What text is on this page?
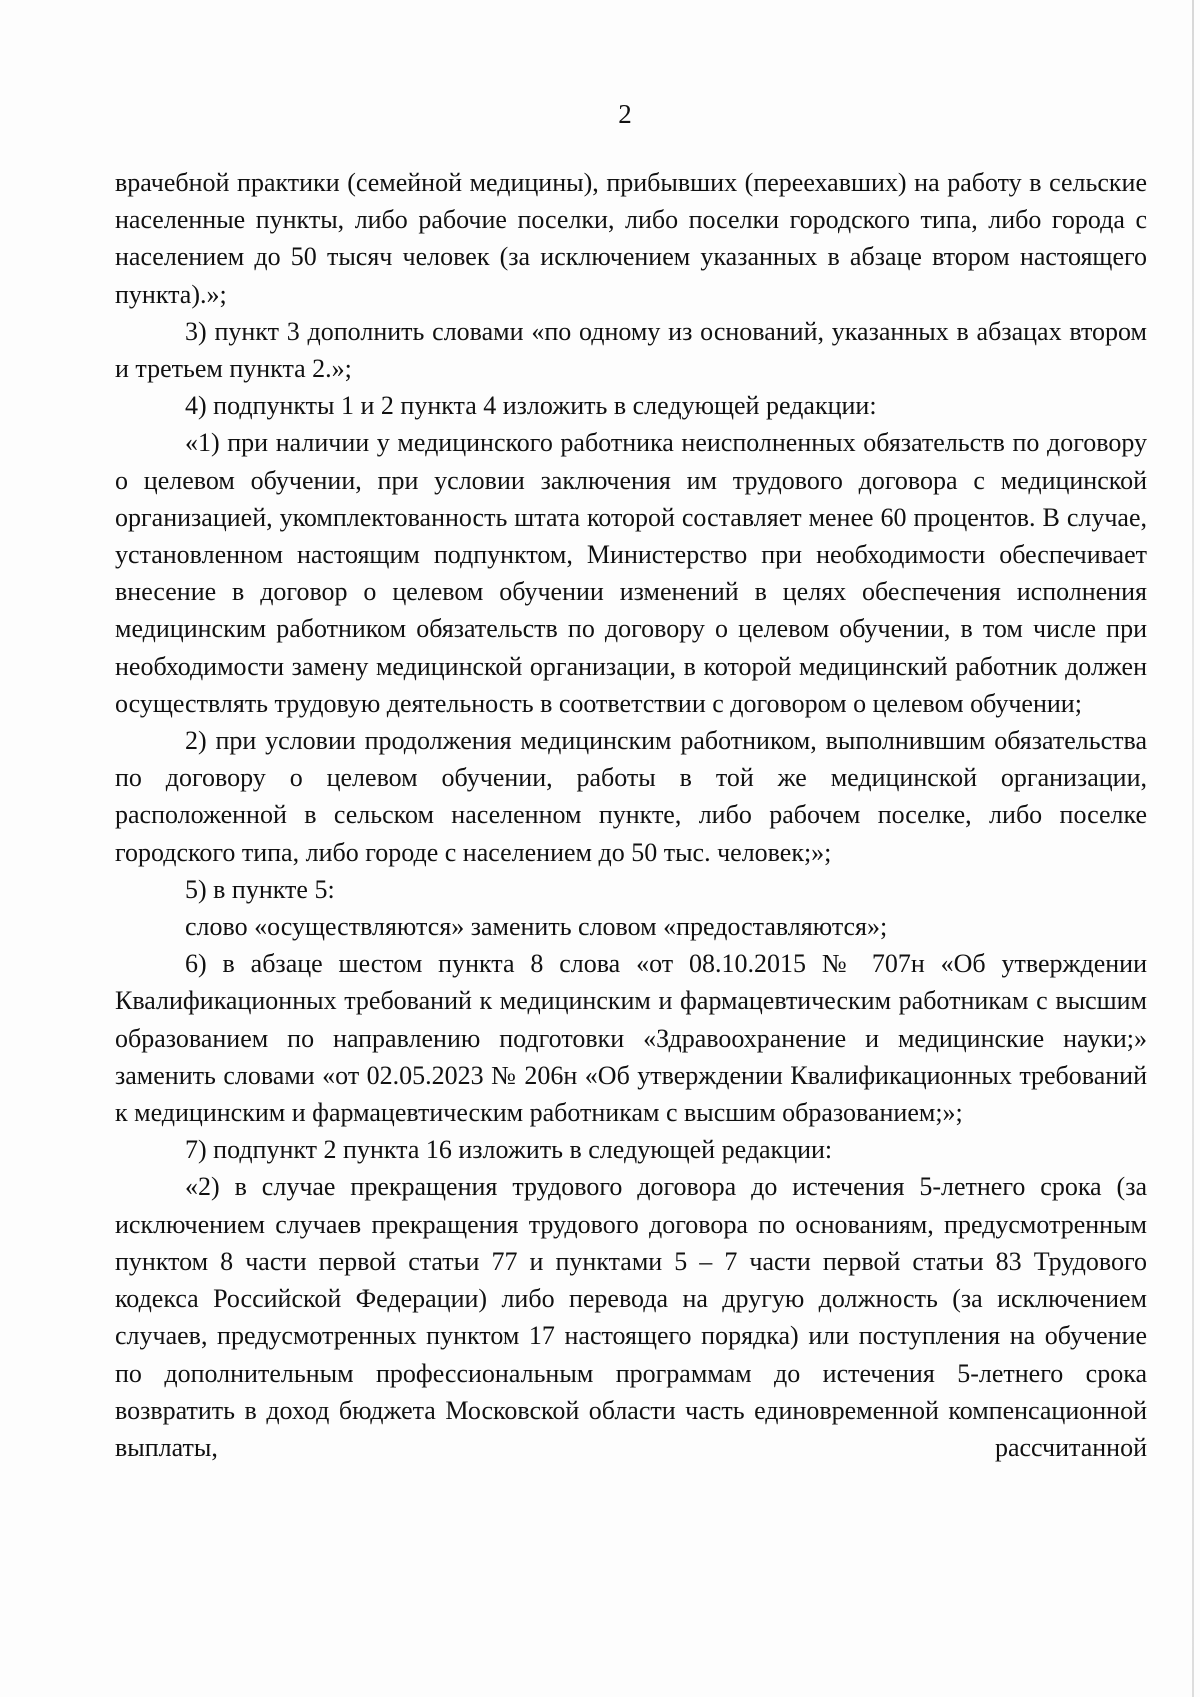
2

врачебной практики (семейной медицины), прибывших (переехавших) на работу в сельские населенные пункты, либо рабочие поселки, либо поселки городского типа, либо города с населением до 50 тысяч человек (за исключением указанных в абзаце втором настоящего пункта).»;

3) пункт 3 дополнить словами «по одному из оснований, указанных в абзацах втором и третьем пункта 2.»;

4) подпункты 1 и 2 пункта 4 изложить в следующей редакции:

«1) при наличии у медицинского работника неисполненных обязательств по договору о целевом обучении, при условии заключения им трудового договора с медицинской организацией, укомплектованность штата которой составляет менее 60 процентов. В случае, установленном настоящим подпунктом, Министерство при необходимости обеспечивает внесение в договор о целевом обучении изменений в целях обеспечения исполнения медицинским работником обязательств по договору о целевом обучении, в том числе при необходимости замену медицинской организации, в которой медицинский работник должен осуществлять трудовую деятельность в соответствии с договором о целевом обучении;

2) при условии продолжения медицинским работником, выполнившим обязательства по договору о целевом обучении, работы в той же медицинской организации, расположенной в сельском населенном пункте, либо рабочем поселке, либо поселке городского типа, либо городе с населением до 50 тыс. человек;»;

5) в пункте 5:

слово «осуществляются» заменить словом «предоставляются»;

6) в абзаце шестом пункта 8 слова «от 08.10.2015 № 707н «Об утверждении Квалификационных требований к медицинским и фармацевтическим работникам с высшим образованием по направлению подготовки «Здравоохранение и медицинские науки;» заменить словами «от 02.05.2023 № 206н «Об утверждении Квалификационных требований к медицинским и фармацевтическим работникам с высшим образованием;»;

7) подпункт 2 пункта 16 изложить в следующей редакции:

«2) в случае прекращения трудового договора до истечения 5-летнего срока (за исключением случаев прекращения трудового договора по основаниям, предусмотренным пунктом 8 части первой статьи 77 и пунктами 5 – 7 части первой статьи 83 Трудового кодекса Российской Федерации) либо перевода на другую должность (за исключением случаев, предусмотренных пунктом 17 настоящего порядка) или поступления на обучение по дополнительным профессиональным программам до истечения 5-летнего срока возвратить в доход бюджета Московской области часть единовременной компенсационной выплаты, рассчитанной
